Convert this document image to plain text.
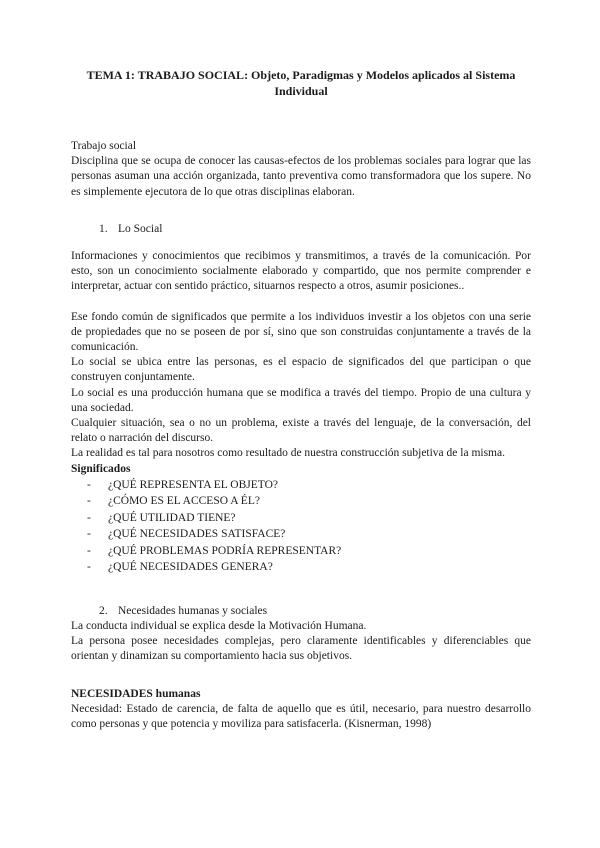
TEMA 1: TRABAJO SOCIAL: Objeto, Paradigmas y Modelos aplicados al Sistema Individual

Trabajo social

Disciplina que se ocupa de conocer las causas-efectos de los problemas sociales para lograr que las personas asuman una acción organizada, tanto preventiva como transformadora que los supere. No es simplemente ejecutora de lo que otras disciplinas elaboran.

1. Lo Social

Informaciones y conocimientos que recibimos y transmitimos, a través de la comunicación. Por esto, son un conocimiento socialmente elaborado y compartido, que nos permite comprender e interpretar, actuar con sentido práctico, situarnos respecto a otros, asumir posiciones..

Ese fondo común de significados que permite a los individuos investir a los objetos con una serie de propiedades que no se poseen de por sí, sino que son construidas conjuntamente a través de la comunicación.

Lo social se ubica entre las personas, es el espacio de significados del que participan o que construyen conjuntamente.

Lo social es una producción humana que se modifica a través del tiempo. Propio de una cultura y una sociedad.

Cualquier situación, sea o no un problema, existe a través del lenguaje, de la conversación, del relato o narración del discurso.

La realidad es tal para nosotros como resultado de nuestra construcción subjetiva de la misma.

Significados

- ¿QUÉ REPRESENTA EL OBJETO?
- ¿CÓMO ES EL ACCESO A ÉL?
- ¿QUÉ UTILIDAD TIENE?
- ¿QUÉ NECESIDADES SATISFACE?
- ¿QUÉ PROBLEMAS PODRÍA REPRESENTAR?
- ¿QUÉ NECESIDADES GENERA?

2. Necesidades humanas y sociales

La conducta individual se explica desde la Motivación Humana.

La persona posee necesidades complejas, pero claramente identificables y diferenciables que orientan y dinamizan su comportamiento hacia sus objetivos.

NECESIDADES humanas

Necesidad: Estado de carencia, de falta de aquello que es útil, necesario, para nuestro desarrollo como personas y que potencia y moviliza para satisfacerla. (Kisnerman, 1998)
